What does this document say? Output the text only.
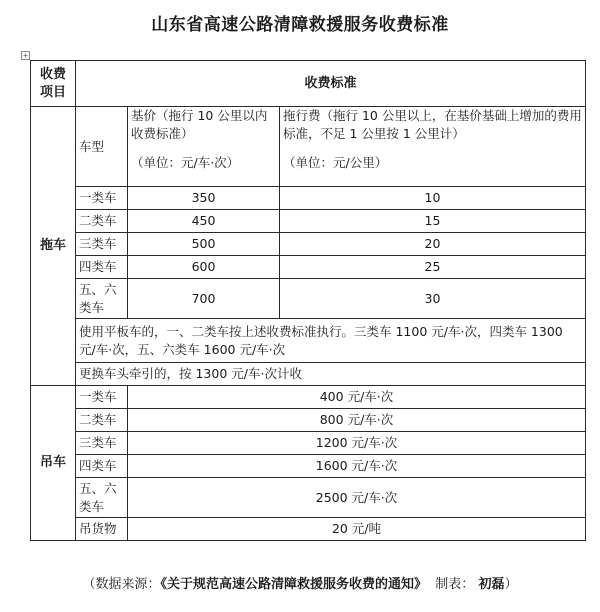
山东省高速公路清障救援服务收费标准
+
收费
项目	收费标准		
拖车	车型	基价（拖行 10 公里以内收费标准）
（单位：元/车·次）	拖行费（拖行 10 公里以上，在基价基础上增加的费用标准，不足 1 公里按 1 公里计）
（单位：元/公里）

	一类车	350	10
	二类车	450	15
	三类车	500	20
	四类车	600	25
	五、六类车	700	30
	使用平板车的，一、二类车按上述收费标准执行。三类车 1100 元/车·次，四类车 1300 元/车·次，五、六类车 1600 元/车·次		
	更换车头牵引的，按 1300 元/车·次计收		
吊车	一类车	400 元/车·次	
	二类车	800 元/车·次	
	三类车	1200 元/车·次	
	四类车	1600 元/车·次	
	五、六类车	2500 元/车·次	
	吊货物	20 元/吨	
（数据来源：《关于规范高速公路清障救援服务收费的通知》 制表： 初磊）
